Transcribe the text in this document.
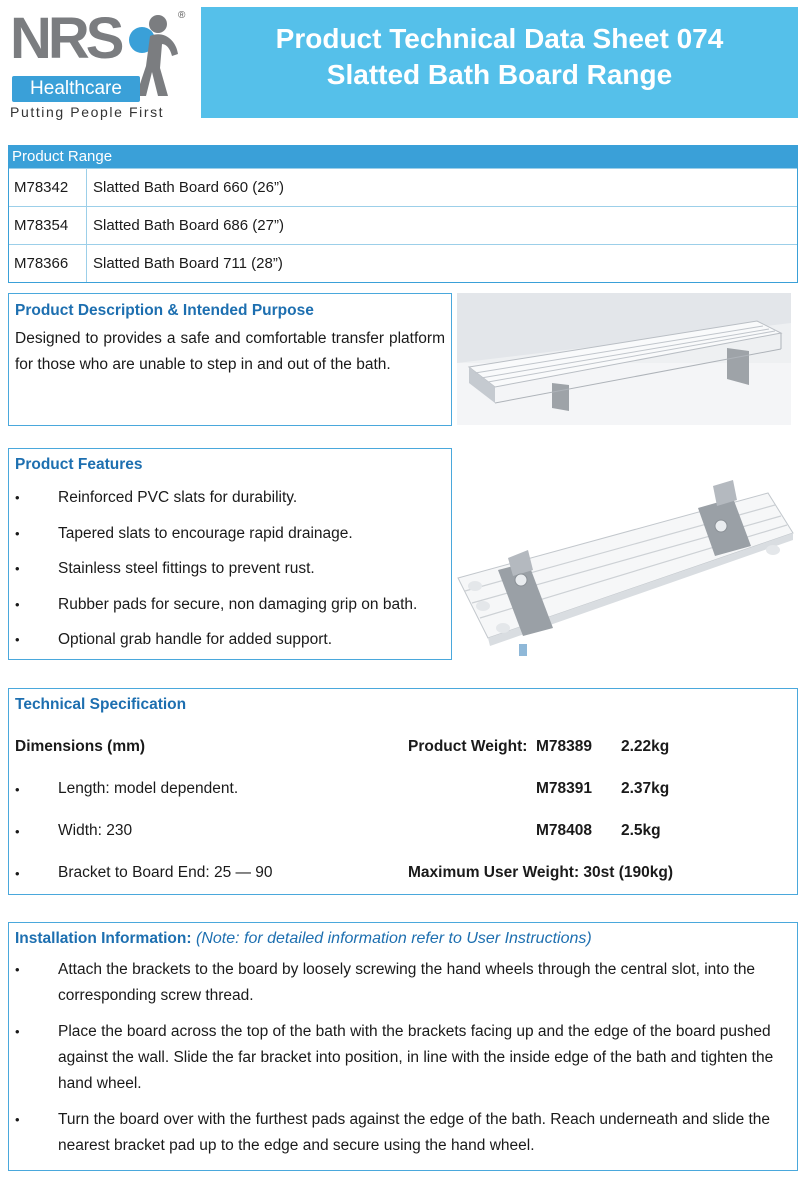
NRS	®
Healthcare
Putting People First
Product Technical Data Sheet 074
Slatted Bath Board Range
Product Range
M78342	Slatted Bath Board 660 (26”)
M78354	Slatted Bath Board 686 (27”)
M78366	Slatted Bath Board 711 (28”)
Product Description & Intended Purpose
Designed to provides a safe and comfortable transfer platform for those who are unable to step in and out of the bath.
Product Features
• Reinforced PVC slats for durability.
• Tapered slats to encourage rapid drainage.
• Stainless steel fittings to prevent rust.
• Rubber pads for secure, non damaging grip on bath.
• Optional grab handle for added support.
Technical Specification
Dimensions (mm)
• Length: model dependent.
• Width: 230
• Bracket to Board End: 25 — 90
Product Weight: M78389 2.22kg
M78391 2.37kg
M78408 2.5kg
Maximum User Weight: 30st (190kg)
Installation Information: (Note: for detailed information refer to User Instructions)
• Attach the brackets to the board by loosely screwing the hand wheels through the central slot, into the corresponding screw thread.
• Place the board across the top of the bath with the brackets facing up and the edge of the board pushed against the wall. Slide the far bracket into position, in line with the inside edge of the bath and tighten the hand wheel.
• Turn the board over with the furthest pads against the edge of the bath. Reach underneath and slide the nearest bracket pad up to the edge and secure using the hand wheel.
